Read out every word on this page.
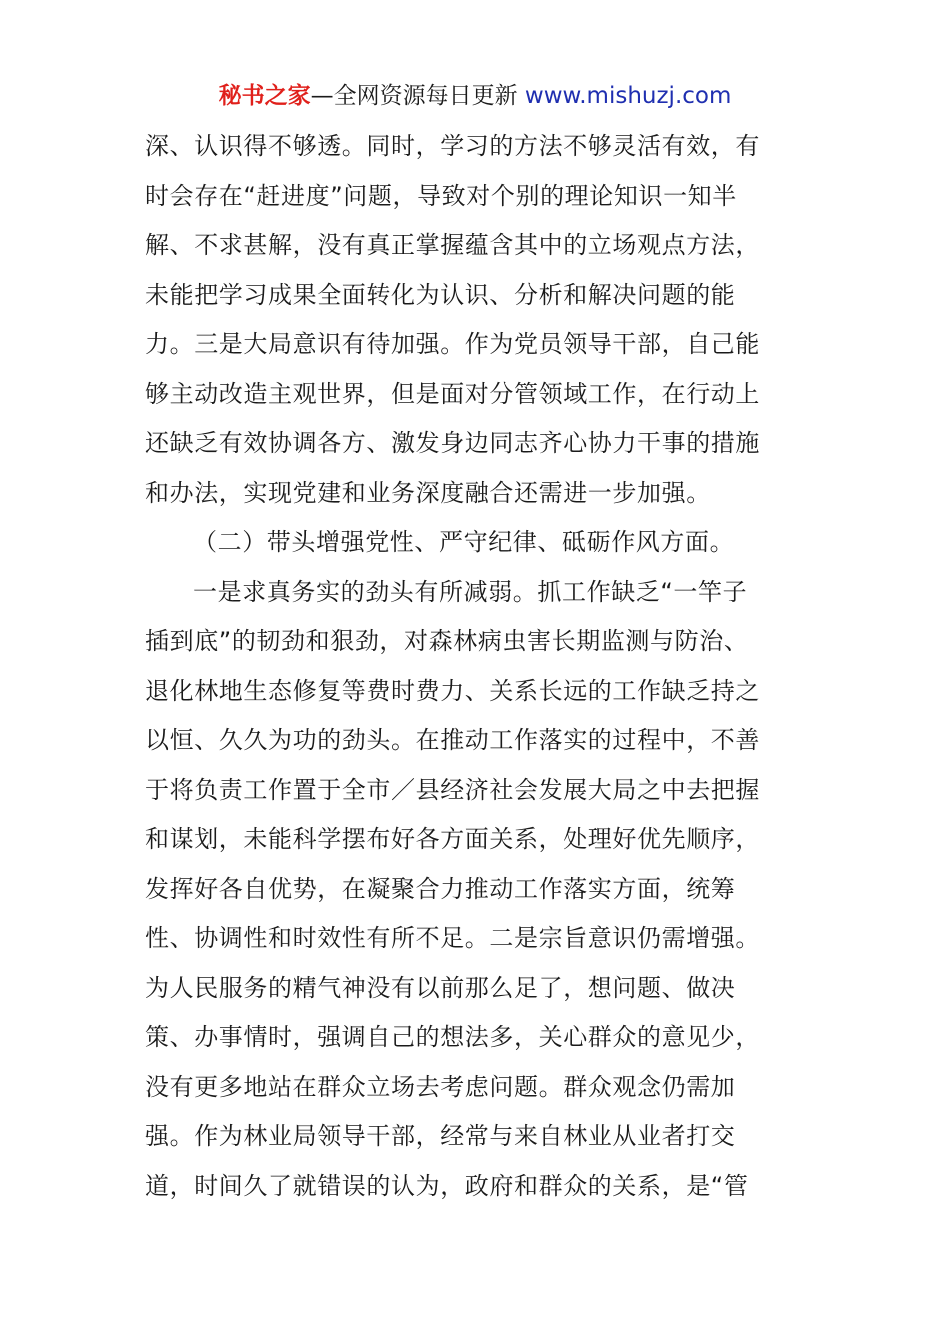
秘书之家—全网资源每日更新 www.mishuzj.com
深、认识得不够透。同时，学习的方法不够灵活有效，有
时会存在“赶进度”问题，导致对个别的理论知识一知半
解、不求甚解，没有真正掌握蕴含其中的立场观点方法，
未能把学习成果全面转化为认识、分析和解决问题的能
力。三是大局意识有待加强。作为党员领导干部，自己能
够主动改造主观世界，但是面对分管领域工作，在行动上
还缺乏有效协调各方、激发身边同志齐心协力干事的措施
和办法，实现党建和业务深度融合还需进一步加强。
（二）带头增强党性、严守纪律、砥砺作风方面。
一是求真务实的劲头有所减弱。抓工作缺乏“一竿子
插到底”的韧劲和狠劲，对森林病虫害长期监测与防治、
退化林地生态修复等费时费力、关系长远的工作缺乏持之
以恒、久久为功的劲头。在推动工作落实的过程中，不善
于将负责工作置于全市／县经济社会发展大局之中去把握
和谋划，未能科学摆布好各方面关系，处理好优先顺序，
发挥好各自优势，在凝聚合力推动工作落实方面，统筹
性、协调性和时效性有所不足。二是宗旨意识仍需增强。
为人民服务的精气神没有以前那么足了，想问题、做决
策、办事情时，强调自己的想法多，关心群众的意见少，
没有更多地站在群众立场去考虑问题。群众观念仍需加
强。作为林业局领导干部，经常与来自林业从业者打交
道，时间久了就错误的认为，政府和群众的关系，是“管
